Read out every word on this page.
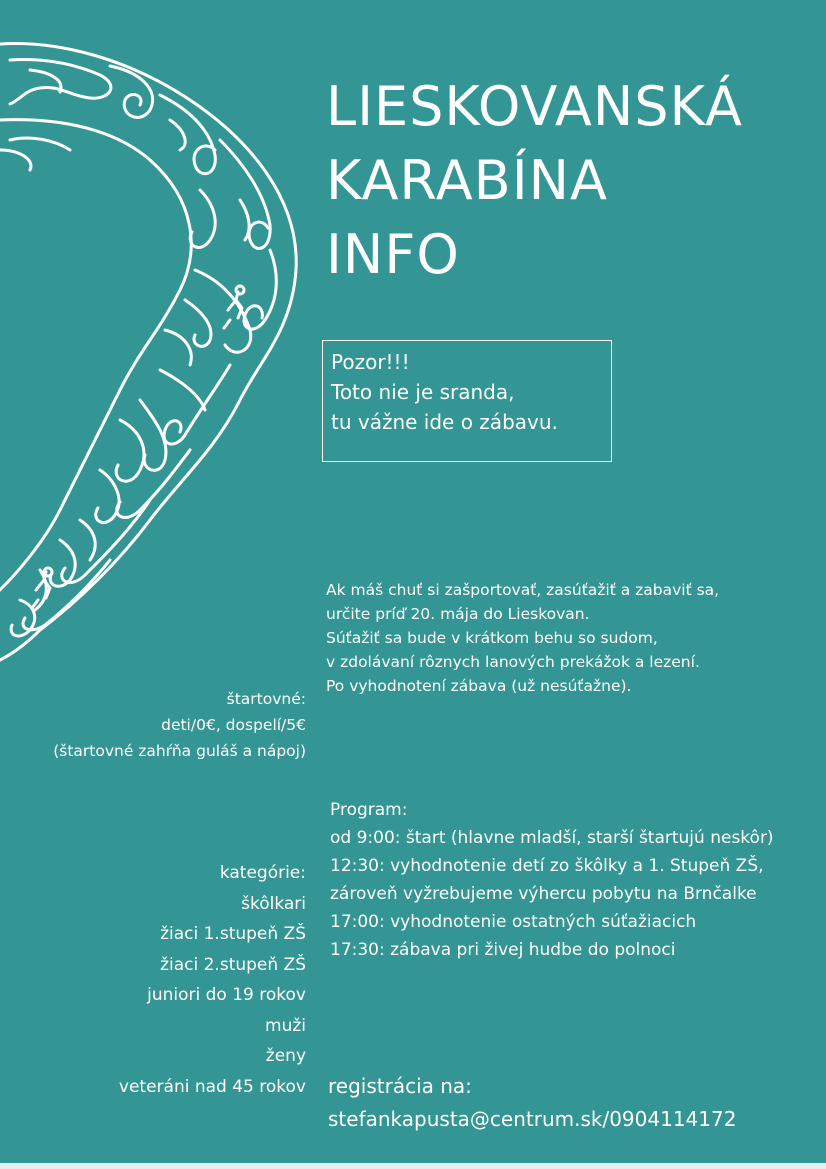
LIESKOVANSKÁ
KARABÍNA
INFO
Pozor!!!
Toto nie je sranda,
tu vážne ide o zábavu.
Ak máš chuť si zašportovať, zasúťažiť a zabaviť sa,
určite príď 20. mája do Lieskovan.
Súťažiť sa bude v krátkom behu so sudom,
v zdolávaní rôznych lanových prekážok a lezení.
Po vyhodnotení zábava (už nesúťažne).
štartovné:
deti/0€, dospelí/5€
(štartovné zahŕňa guláš a nápoj)
Program:
od 9:00: štart (hlavne mladší, starší štartujú neskôr)
12:30: vyhodnotenie detí zo škôlky a 1. Stupeň ZŠ,
zároveň vyžrebujeme výhercu pobytu na Brnčalke
17:00: vyhodnotenie ostatných súťažiacich
17:30: zábava pri živej hudbe do polnoci
kategórie:
škôlkari
žiaci 1.stupeň ZŠ
žiaci 2.stupeň ZŠ
juniori do 19 rokov
muži
ženy
veteráni nad 45 rokov registrácia na:
stefankapusta@centrum.sk/0904114172
